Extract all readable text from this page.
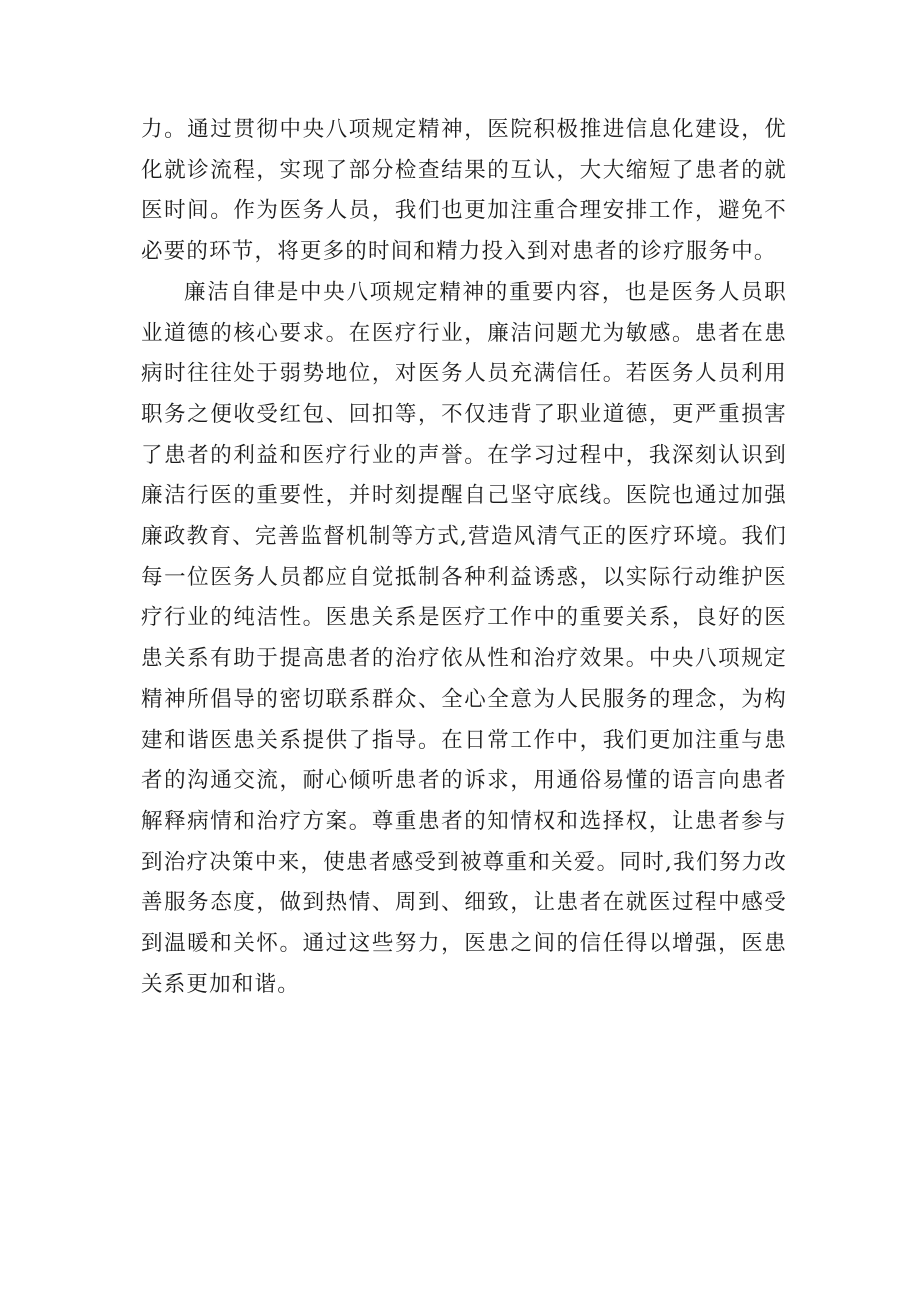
力。通过贯彻中央八项规定精神，医院积极推进信息化建设，优化就诊流程，实现了部分检查结果的互认，大大缩短了患者的就医时间。作为医务人员，我们也更加注重合理安排工作，避免不必要的环节，将更多的时间和精力投入到对患者的诊疗服务中。

廉洁自律是中央八项规定精神的重要内容，也是医务人员职业道德的核心要求。在医疗行业，廉洁问题尤为敏感。患者在患病时往往处于弱势地位，对医务人员充满信任。若医务人员利用职务之便收受红包、回扣等，不仅违背了职业道德，更严重损害了患者的利益和医疗行业的声誉。在学习过程中，我深刻认识到廉洁行医的重要性，并时刻提醒自己坚守底线。医院也通过加强廉政教育、完善监督机制等方式,营造风清气正的医疗环境。我们每一位医务人员都应自觉抵制各种利益诱惑，以实际行动维护医疗行业的纯洁性。医患关系是医疗工作中的重要关系，良好的医患关系有助于提高患者的治疗依从性和治疗效果。中央八项规定精神所倡导的密切联系群众、全心全意为人民服务的理念，为构建和谐医患关系提供了指导。在日常工作中，我们更加注重与患者的沟通交流，耐心倾听患者的诉求，用通俗易懂的语言向患者解释病情和治疗方案。尊重患者的知情权和选择权，让患者参与到治疗决策中来，使患者感受到被尊重和关爱。同时,我们努力改善服务态度，做到热情、周到、细致，让患者在就医过程中感受到温暖和关怀。通过这些努力，医患之间的信任得以增强，医患关系更加和谐。
